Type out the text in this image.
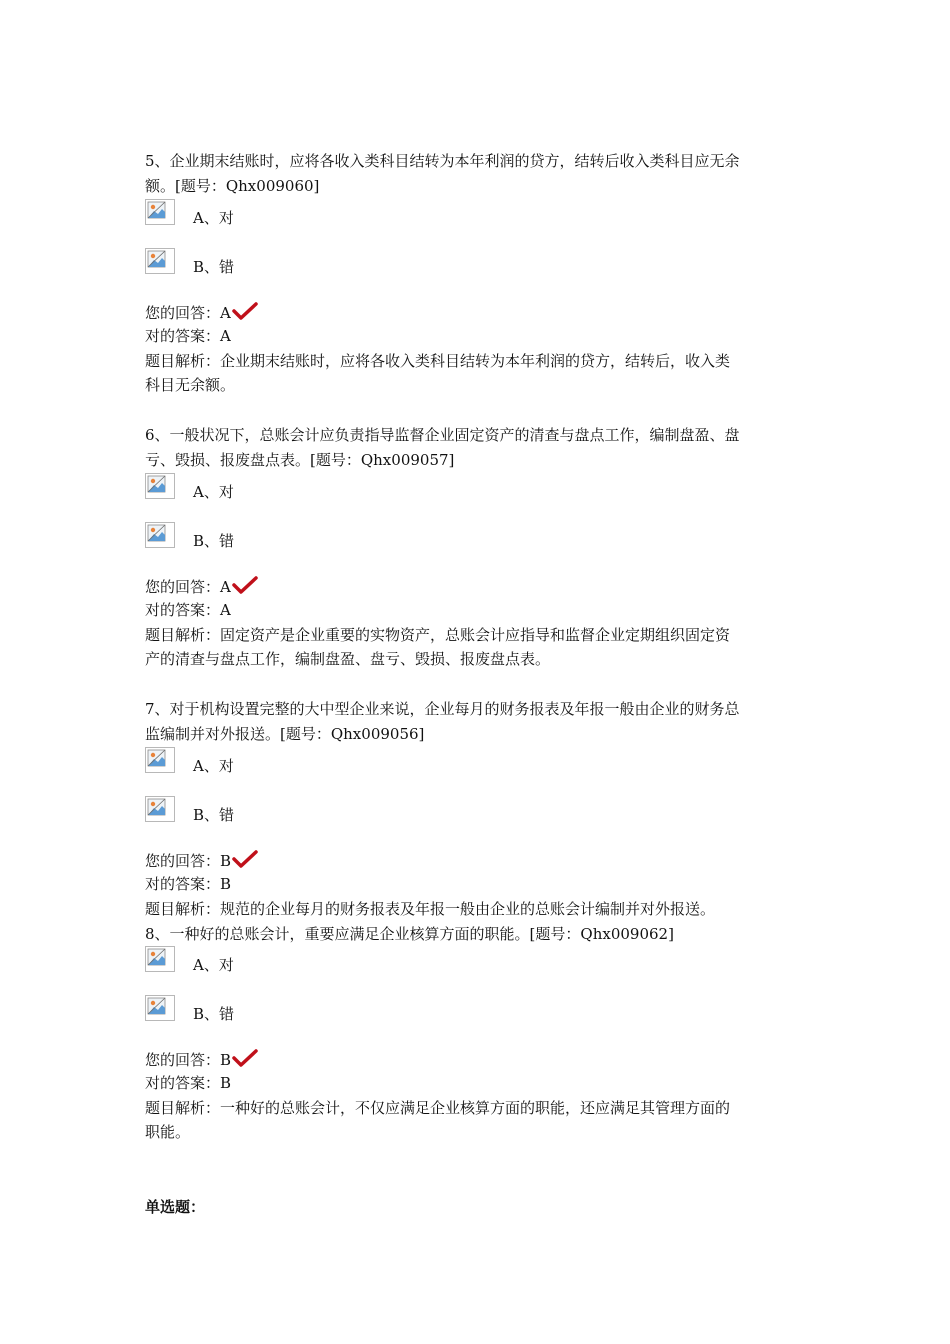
5、企业期末结账时，应将各收入类科目结转为本年利润的贷方，结转后收入类科目应无余
额。[题号：Qhx009060]
A、对
B、错
您的回答：A
对的答案：A
题目解析：企业期末结账时，应将各收入类科目结转为本年利润的贷方，结转后，收入类
科目无余额。
6、一般状况下，总账会计应负责指导监督企业固定资产的清查与盘点工作，编制盘盈、盘
亏、毁损、报废盘点表。[题号：Qhx009057]
A、对
B、错
您的回答：A
对的答案：A
题目解析：固定资产是企业重要的实物资产，总账会计应指导和监督企业定期组织固定资
产的清查与盘点工作，编制盘盈、盘亏、毁损、报废盘点表。
7、对于机构设置完整的大中型企业来说，企业每月的财务报表及年报一般由企业的财务总
监编制并对外报送。[题号：Qhx009056]
A、对
B、错
您的回答：B
对的答案：B
题目解析：规范的企业每月的财务报表及年报一般由企业的总账会计编制并对外报送。
8、一种好的总账会计，重要应满足企业核算方面的职能。[题号：Qhx009062]
A、对
B、错
您的回答：B
对的答案：B
题目解析：一种好的总账会计，不仅应满足企业核算方面的职能，还应满足其管理方面的
职能。
单选题：
